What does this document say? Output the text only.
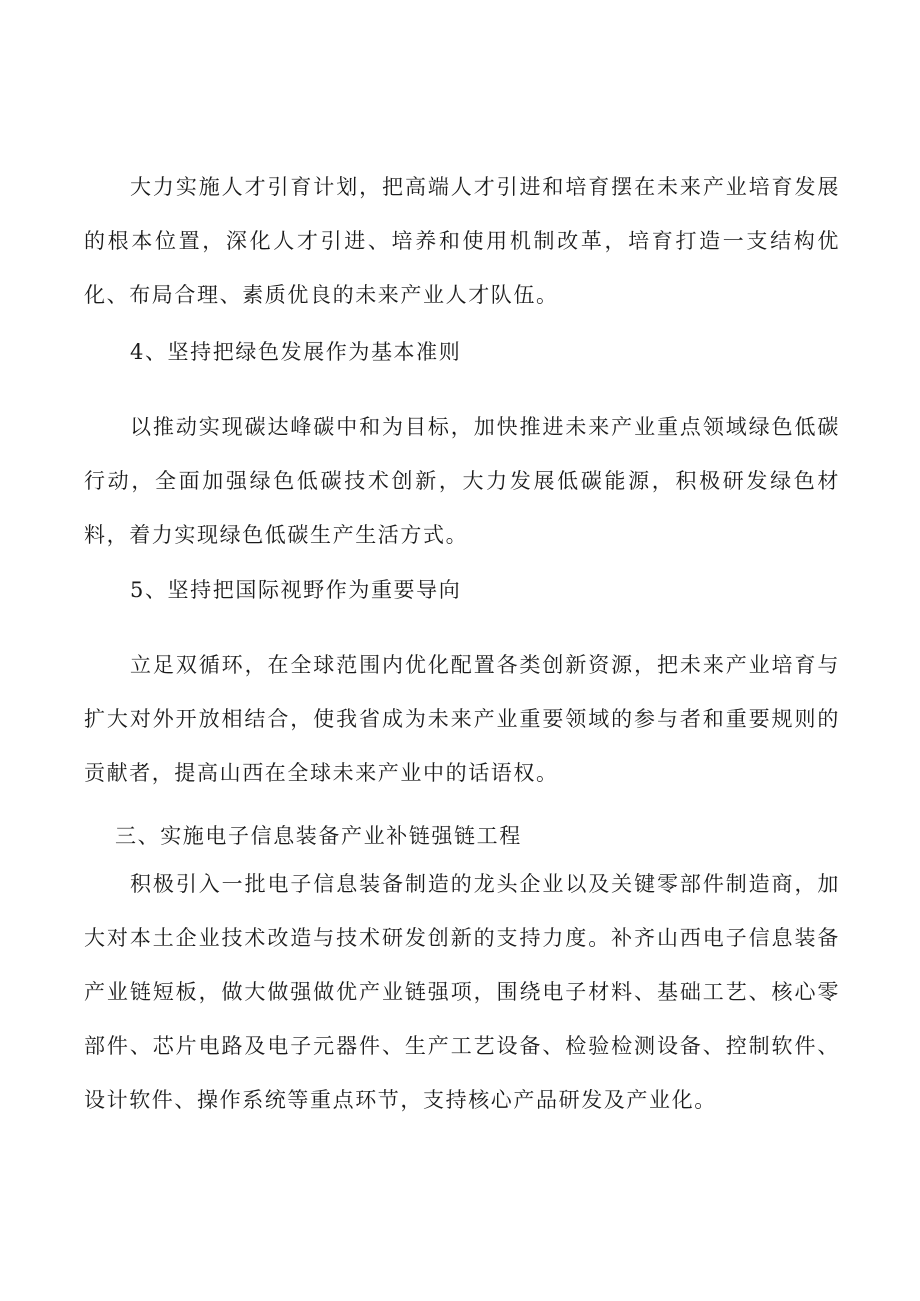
大力实施人才引育计划，把高端人才引进和培育摆在未来产业培育发展的根本位置，深化人才引进、培养和使用机制改革，培育打造一支结构优化、布局合理、素质优良的未来产业人才队伍。

4、坚持把绿色发展作为基本准则

以推动实现碳达峰碳中和为目标，加快推进未来产业重点领域绿色低碳行动，全面加强绿色低碳技术创新，大力发展低碳能源，积极研发绿色材料，着力实现绿色低碳生产生活方式。

5、坚持把国际视野作为重要导向

立足双循环，在全球范围内优化配置各类创新资源，把未来产业培育与扩大对外开放相结合，使我省成为未来产业重要领域的参与者和重要规则的贡献者，提高山西在全球未来产业中的话语权。

三、实施电子信息装备产业补链强链工程

积极引入一批电子信息装备制造的龙头企业以及关键零部件制造商，加大对本土企业技术改造与技术研发创新的支持力度。补齐山西电子信息装备产业链短板，做大做强做优产业链强项，围绕电子材料、基础工艺、核心零部件、芯片电路及电子元器件、生产工艺设备、检验检测设备、控制软件、设计软件、操作系统等重点环节，支持核心产品研发及产业化。
